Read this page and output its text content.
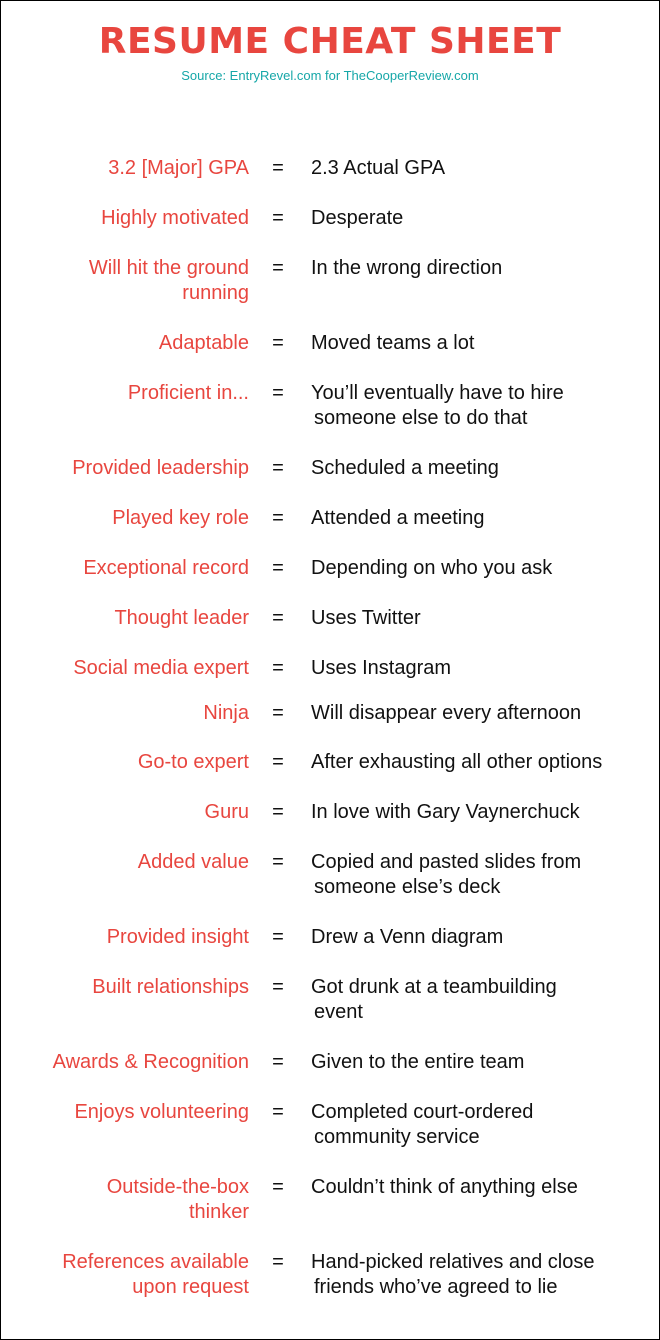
RESUME CHEAT SHEET
Source: EntryRevel.com for TheCooperReview.com
3.2 [Major] GPA = 2.3 Actual GPA
Highly motivated = Desperate
Will hit the ground
running
= In the wrong direction
Adaptable = Moved teams a lot
Proficient in... = You’ll eventually have to hire
someone else to do that
Provided leadership = Scheduled a meeting
Played key role = Attended a meeting
Exceptional record = Depending on who you ask
Thought leader = Uses Twitter
Social media expert = Uses Instagram
Ninja = Will disappear every afternoon
Go-to expert = After exhausting all other options
Guru = In love with Gary Vaynerchuck
Added value = Copied and pasted slides from
someone else’s deck
Provided insight = Drew a Venn diagram
Built relationships = Got drunk at a teambuilding
event
Awards & Recognition = Given to the entire team
Enjoys volunteering = Completed court-ordered
community service
Outside-the-box
thinker
= Couldn’t think of anything else
References available
upon request
= Hand-picked relatives and close
friends who’ve agreed to lie
